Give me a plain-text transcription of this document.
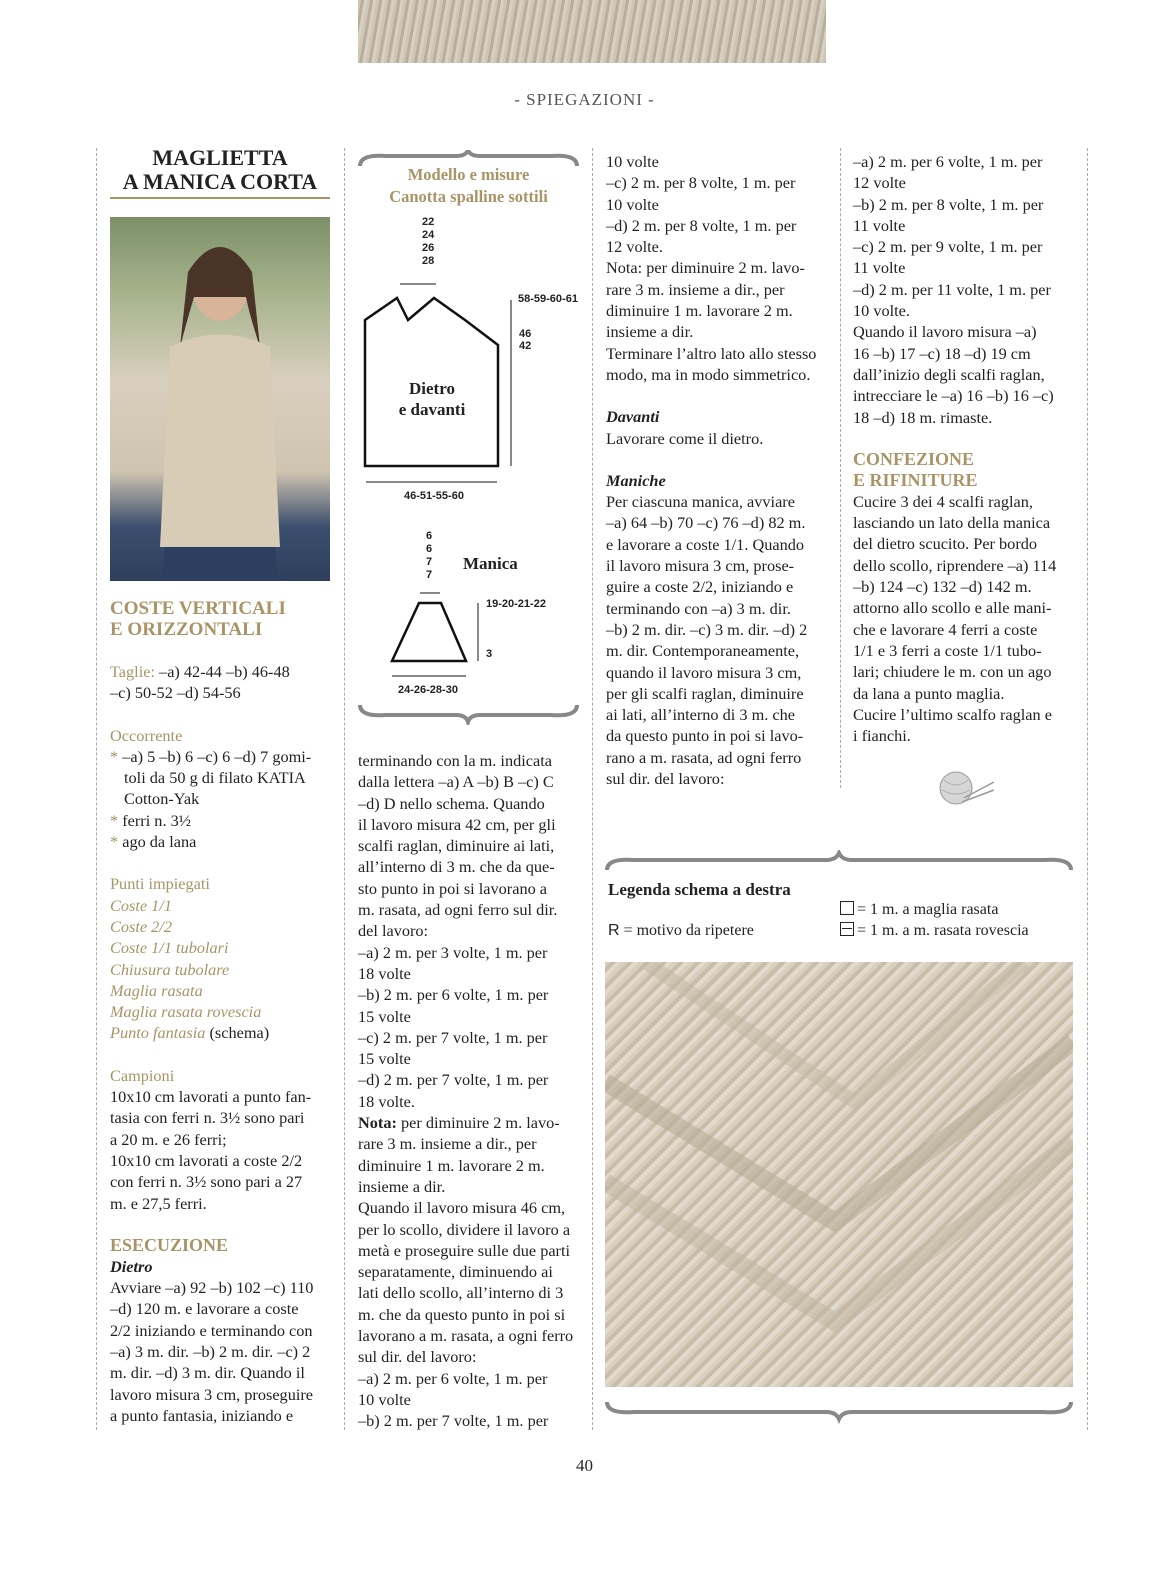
- SPIEGAZIONI -
MAGLIETTA
A MANICA CORTA
COSTE VERTICALI
E ORIZZONTALI

Taglie: –a) 42-44 –b) 46-48

–c) 50-52 –d) 54-56

Occorrente

* –a) 5 –b) 6 –c) 6 –d) 7 gomi-

toli da 50 g di filato KATIA

Cotton-Yak

* ferri n. 3½

* ago da lana

Punti impiegati

Coste 1/1

Coste 2/2

Coste 1/1 tubolari

Chiusura tubolare

Maglia rasata

Maglia rasata rovescia

Punto fantasia (schema)

Campioni

10x10 cm lavorati a punto fan-

tasia con ferri n. 3½ sono pari

a 20 m. e 26 ferri;

10x10 cm lavorati a coste 2/2

con ferri n. 3½ sono pari a 27

m. e 27,5 ferri.

ESECUZIONE

Dietro

Avviare –a) 92 –b) 102 –c) 110

–d) 120 m. e lavorare a coste

2/2 iniziando e terminando con

–a) 3 m. dir. –b) 2 m. dir. –c) 2

m. dir. –d) 3 m. dir. Quando il

lavoro misura 3 cm, proseguire

a punto fantasia, iniziando e

Modello e misure
Canotta spalline sottili
22
24
26
28
58-59-60-61
46
42
Dietro
e davanti
46-51-55-60
6
6
7
7
Manica
19-20-21-22
3
24-26-28-30

terminando con la m. indicata

dalla lettera –a) A –b) B –c) C

–d) D nello schema. Quando

il lavoro misura 42 cm, per gli

scalfi raglan, diminuire ai lati,

all’interno di 3 m. che da que-

sto punto in poi si lavorano a

m. rasata, ad ogni ferro sul dir.

del lavoro:

–a) 2 m. per 3 volte, 1 m. per

18 volte

–b) 2 m. per 6 volte, 1 m. per

15 volte

–c) 2 m. per 7 volte, 1 m. per

15 volte

–d) 2 m. per 7 volte, 1 m. per

18 volte.

Nota: per diminuire 2 m. lavo-

rare 3 m. insieme a dir., per

diminuire 1 m. lavorare 2 m.

insieme a dir.

Quando il lavoro misura 46 cm,

per lo scollo, dividere il lavoro a

metà e proseguire sulle due parti

separatamente, diminuendo ai

lati dello scollo, all’interno di 3

m. che da questo punto in poi si

lavorano a m. rasata, a ogni ferro

sul dir. del lavoro:

–a) 2 m. per 6 volte, 1 m. per

10 volte

–b) 2 m. per 7 volte, 1 m. per

10 volte

–c) 2 m. per 8 volte, 1 m. per

10 volte

–d) 2 m. per 8 volte, 1 m. per

12 volte.

Nota: per diminuire 2 m. lavo-

rare 3 m. insieme a dir., per

diminuire 1 m. lavorare 2 m.

insieme a dir.

Terminare l’altro lato allo stesso

modo, ma in modo simmetrico.

Davanti

Lavorare come il dietro.

Maniche

Per ciascuna manica, avviare

–a) 64 –b) 70 –c) 76 –d) 82 m.

e lavorare a coste 1/1. Quando

il lavoro misura 3 cm, prose-

guire a coste 2/2, iniziando e

terminando con –a) 3 m. dir.

–b) 2 m. dir. –c) 3 m. dir. –d) 2

m. dir. Contemporaneamente,

quando il lavoro misura 3 cm,

per gli scalfi raglan, diminuire

ai lati, all’interno di 3 m. che

da questo punto in poi si lavo-

rano a m. rasata, ad ogni ferro

sul dir. del lavoro:

–a) 2 m. per 6 volte, 1 m. per

12 volte

–b) 2 m. per 8 volte, 1 m. per

11 volte

–c) 2 m. per 9 volte, 1 m. per

11 volte

–d) 2 m. per 11 volte, 1 m. per

10 volte.

Quando il lavoro misura –a)

16 –b) 17 –c) 18 –d) 19 cm

dall’inizio degli scalfi raglan,

intrecciare le –a) 16 –b) 16 –c)

18 –d) 18 m. rimaste.

CONFEZIONE
E RIFINITURE

Cucire 3 dei 4 scalfi raglan,

lasciando un lato della manica

del dietro scucito. Per bordo

dello scollo, riprendere –a) 114

–b) 124 –c) 132 –d) 142 m.

attorno allo scollo e alle mani-

che e lavorare 4 ferri a coste

1/1 e 3 ferri a coste 1/1 tubo-

lari; chiudere le m. con un ago

da lana a punto maglia.

Cucire l’ultimo scalfo raglan e

i fianchi.

Legenda schema a destra
R = motivo da ripetere
= 1 m. a maglia rasata
= 1 m. a m. rasata rovescia
40
